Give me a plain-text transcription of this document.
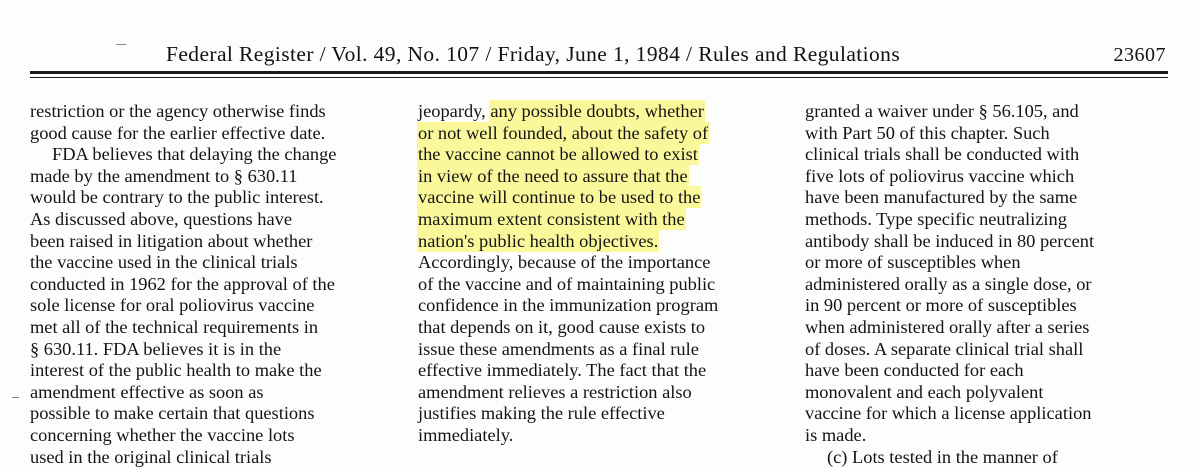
Federal Register / Vol. 49, No. 107 / Friday, June 1, 1984 / Rules and Regulations	23607
restriction or the agency otherwise finds
good cause for the earlier effective date.
FDA believes that delaying the change
made by the amendment to § 630.11
would be contrary to the public interest.
As discussed above, questions have
been raised in litigation about whether
the vaccine used in the clinical trials
conducted in 1962 for the approval of the
sole license for oral poliovirus vaccine
met all of the technical requirements in
§ 630.11. FDA believes it is in the
interest of the public health to make the
amendment effective as soon as
possible to make certain that questions
concerning whether the vaccine lots
used in the original clinical trials
jeopardy, any possible doubts, whether
or not well founded, about the safety of
the vaccine cannot be allowed to exist
in view of the need to assure that the
vaccine will continue to be used to the
maximum extent consistent with the
nation's public health objectives.
Accordingly, because of the importance
of the vaccine and of maintaining public
confidence in the immunization program
that depends on it, good cause exists to
issue these amendments as a final rule
effective immediately. The fact that the
amendment relieves a restriction also
justifies making the rule effective
immediately.
granted a waiver under § 56.105, and
with Part 50 of this chapter. Such
clinical trials shall be conducted with
five lots of poliovirus vaccine which
have been manufactured by the same
methods. Type specific neutralizing
antibody shall be induced in 80 percent
or more of susceptibles when
administered orally as a single dose, or
in 90 percent or more of susceptibles
when administered orally after a series
of doses. A separate clinical trial shall
have been conducted for each
monovalent and each polyvalent
vaccine for which a license application
is made.
(c) Lots tested in the manner of
